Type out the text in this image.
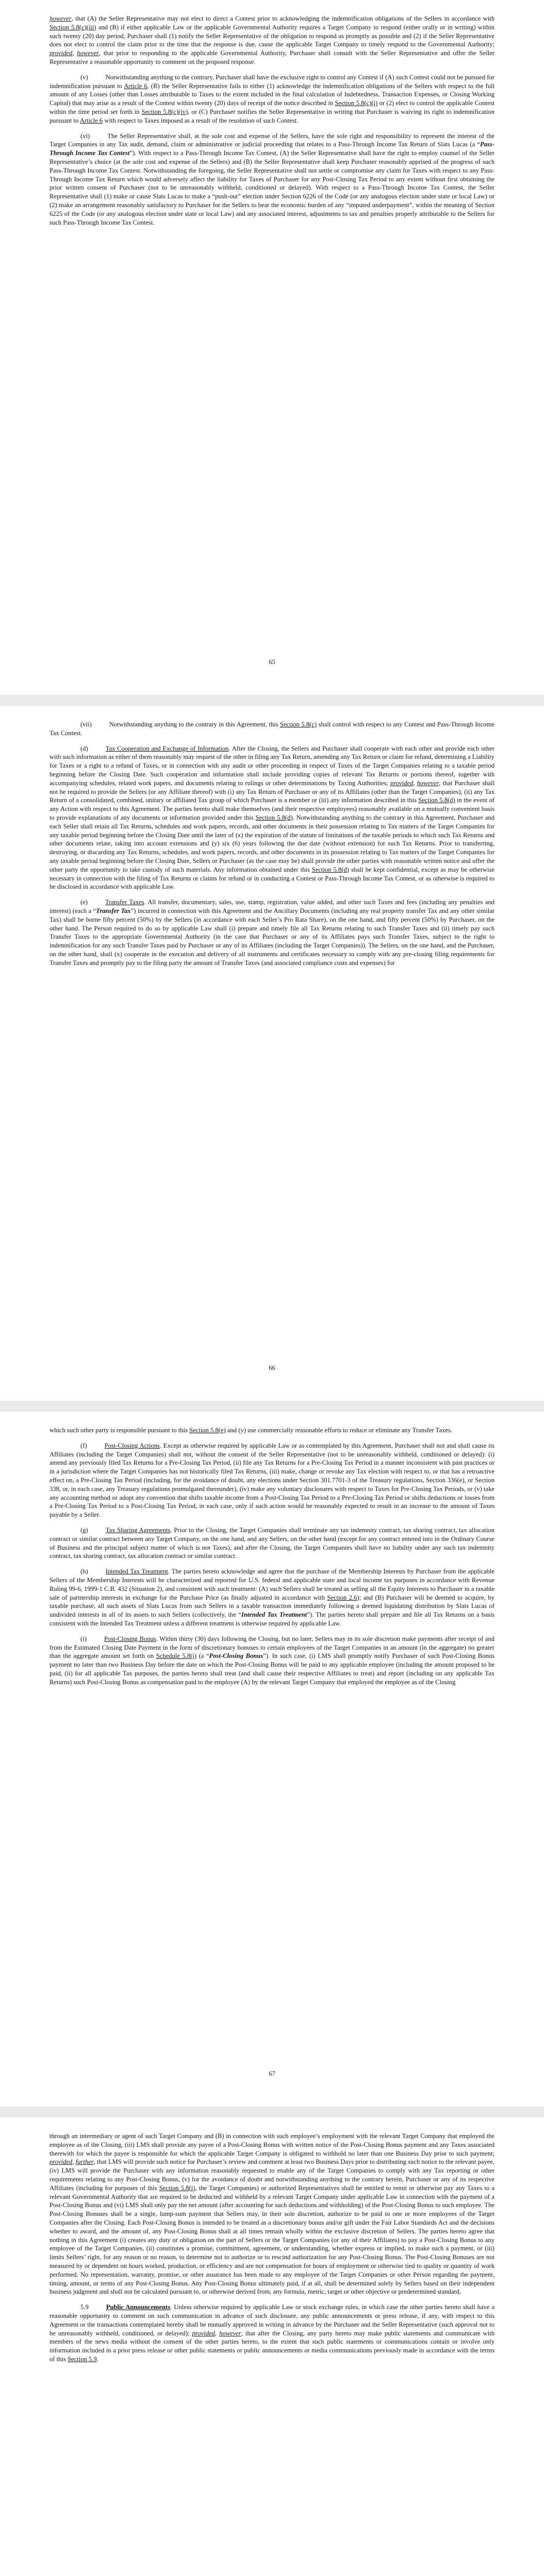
however, that (A) the Seller Representative may not elect to direct a Contest prior to acknowledging the indemnification obligations of the Sellers in accordance with Section 5.8(c)(iii) and (B) if either applicable Law or the applicable Governmental Authority requires a Target Company to respond (either orally or in writing) within such twenty (20) day period, Purchaser shall (1) notify the Seller Representative of the obligation to respond as promptly as possible and (2) if the Seller Representative does not elect to control the claim prior to the time that the response is due, cause the applicable Target Company to timely respond to the Governmental Authority; provided, however, that prior to responding to the applicable Governmental Authority, Purchaser shall consult with the Seller Representative and offer the Seller Representative a reasonable opportunity to comment on the proposed response.

(v)	Notwithstanding anything to the contrary, Purchaser shall have the exclusive right to control any Contest if (A) such Contest could not be pursued for indemnification pursuant to Article 6, (B) the Seller Representative fails to either (1) acknowledge the indemnification obligations of the Sellers with respect to the full amount of any Losses (other than Losses attributable to Taxes to the extent included in the final calculation of Indebtedness, Transaction Expenses, or Closing Working Capital) that may arise as a result of the Contest within twenty (20) days of receipt of the notice described in Section 5.8(c)(i) or (2) elect to control the applicable Contest within the time period set forth in Section 5.8(c)(iv), or (C) Purchaser notifies the Seller Representative in writing that Purchaser is waiving its right to indemnification pursuant to Article 6 with respect to Taxes imposed as a result of the resolution of such Contest.

(vi)	The Seller Representative shall, at the sole cost and expense of the Sellers, have the sole right and responsibility to represent the interest of the Target Companies in any Tax audit, demand, claim or administrative or judicial proceeding that relates to a Pass-Through Income Tax Return of Slats Lucas (a “Pass-Through Income Tax Contest”). With respect to a Pass-Through Income Tax Contest, (A) the Seller Representative shall have the right to employ counsel of the Seller Representative’s choice (at the sole cost and expense of the Sellers) and (B) the Seller Representative shall keep Purchaser reasonably apprised of the progress of such Pass-Through Income Tax Contest. Notwithstanding the foregoing, the Seller Representative shall not settle or compromise any claim for Taxes with respect to any Pass-Through Income Tax Return which would adversely affect the liability for Taxes of Purchaser for any Post-Closing Tax Period to any extent without first obtaining the prior written consent of Purchaser (not to be unreasonably withheld, conditioned or delayed). With respect to a Pass-Through Income Tax Contest, the Seller Representative shall (1) make or cause Slats Lucas to make a “push-out” election under Section 6226 of the Code (or any analogous election under state or local Law) or (2) make an arrangement reasonably satisfactory to Purchaser for the Sellers to bear the economic burden of any “imputed underpayment”, within the meaning of Section 6225 of the Code (or any analogous election under state or local Law) and any associated interest, adjustments to tax and penalties properly attributable to the Sellers for such Pass-Through Income Tax Contest.

65

(vii)	Notwithstanding anything to the contrary in this Agreement, this Section 5.8(c) shall control with respect to any Contest and Pass-Through Income Tax Contest.

(d)	Tax Cooperation and Exchange of Information. After the Closing, the Sellers and Purchaser shall cooperate with each other and provide each other with such information as either of them reasonably may request of the other in filing any Tax Return, amending any Tax Return or claim for refund, determining a Liability for Taxes or a right to a refund of Taxes, or in connection with any audit or other proceeding in respect of Taxes of the Target Companies relating to a taxable period beginning before the Closing Date. Such cooperation and information shall include providing copies of relevant Tax Returns or portions thereof, together with accompanying schedules, related work papers, and documents relating to rulings or other determinations by Taxing Authorities; provided, however, that Purchaser shall not be required to provide the Sellers (or any Affiliate thereof) with (i) any Tax Return of Purchaser or any of its Affiliates (other than the Target Companies), (ii) any Tax Return of a consolidated, combined, unitary or affiliated Tax group of which Purchaser is a member or (iii) any information described in this Section 5.8(d) in the event of any Action with respect to this Agreement. The parties hereto shall make themselves (and their respective employees) reasonably available on a mutually convenient basis to provide explanations of any documents or information provided under this Section 5.8(d). Notwithstanding anything to the contrary in this Agreement, Purchaser and each Seller shall retain all Tax Returns, schedules and work papers, records, and other documents in their possession relating to Tax matters of the Target Companies for any taxable period beginning before the Closing Date until the later of (x) the expiration of the statute of limitations of the taxable periods to which such Tax Returns and other documents relate, taking into account extensions and (y) six (6) years following the due date (without extension) for such Tax Returns. Prior to transferring, destroying, or discarding any Tax Returns, schedules, and work papers, records, and other documents in its possession relating to Tax matters of the Target Companies for any taxable period beginning before the Closing Date, Sellers or Purchaser (as the case may be) shall provide the other parties with reasonable written notice and offer the other party the opportunity to take custody of such materials. Any information obtained under this Section 5.8(d) shall be kept confidential, except as may be otherwise necessary in connection with the filing of Tax Returns or claims for refund or in conducting a Contest or Pass-Through Income Tax Contest, or as otherwise is required to be disclosed in accordance with applicable Law.

(e)	Transfer Taxes. All transfer, documentary, sales, use, stamp, registration, value added, and other such Taxes and fees (including any penalties and interest) (each a “Transfer Tax”) incurred in connection with this Agreement and the Ancillary Documents (including any real property transfer Tax and any other similar Tax) shall be borne fifty percent (50%) by the Sellers (in accordance with each Seller’s Pro Rata Share), on the one hand, and fifty percent (50%) by Purchaser, on the other hand. The Person required to do so by applicable Law shall (i) prepare and timely file all Tax Returns relating to such Transfer Taxes and (ii) timely pay such Transfer Taxes to the appropriate Governmental Authority (in the case that Purchaser or any of its Affiliates pays such Transfer Taxes, subject to the right to indemnification for any such Transfer Taxes paid by Purchaser or any of its Affiliates (including the Target Companies)). The Sellers, on the one hand, and the Purchaser, on the other hand, shall (x) cooperate in the execution and delivery of all instruments and certificates necessary to comply with any pre-closing filing requirements for Transfer Taxes and promptly pay to the filing party the amount of Transfer Taxes (and associated compliance costs and expenses) for

66

which such other party is responsible pursuant to this Section 5.8(e) and (y) use commercially reasonable efforts to reduce or eliminate any Transfer Taxes.

(f)	Post-Closing Actions. Except as otherwise required by applicable Law or as contemplated by this Agreement, Purchaser shall not and shall cause its Affiliates (including the Target Companies) shall not, without the consent of the Seller Representative (not to be unreasonably withheld, conditioned or delayed): (i) amend any previously filed Tax Returns for a Pre-Closing Tax Period, (ii) file any Tax Returns for a Pre-Closing Tax Period in a manner inconsistent with past practices or in a jurisdiction where the Target Companies has not historically filed Tax Returns, (iii) make, change or revoke any Tax election with respect to, or that has a retroactive effect on, a Pre-Closing Tax Period (including, for the avoidance of doubt, any elections under Section 301.7701-3 of the Treasury regulations, Section 336(e), or Section 338, or, in each case, any Treasury regulations promulgated thereunder), (iv) make any voluntary disclosures with respect to Taxes for Pre-Closing Tax Periods, or (v) take any accounting method or adopt any convention that shifts taxable income from a Post-Closing Tax Period to a Pre-Closing Tax Period or shifts deductions or losses from a Pre-Closing Tax Period to a Post-Closing Tax Period, in each case, only if such action would be reasonably expected to result in an increase to the amount of Taxes payable by a Seller.

(g)	Tax Sharing Agreements. Prior to the Closing, the Target Companies shall terminate any tax indemnity contract, tax sharing contract, tax allocation contract or similar contract between any Target Company, on the one hand, and any Sellers, on the other hand (except for any contract entered into in the Ordinary Course of Business and the principal subject matter of which is not Taxes), and after the Closing, the Target Companies shall have no liability under any such tax indemnity contract, tax sharing contract, tax allocation contract or similar contract.

(h)	Intended Tax Treatment. The parties hereto acknowledge and agree that the purchase of the Membership Interests by Purchaser from the applicable Sellers of the Membership Interests will be characterized and reported for U.S. federal and applicable state and local income tax purposes in accordance with Revenue Ruling 99-6, 1999-1 C.B. 432 (Situation 2), and consistent with such treatment: (A) such Sellers shall be treated as selling all the Equity Interests to Purchaser in a taxable sale of partnership interests in exchange for the Purchase Price (as finally adjusted in accordance with Section 2.6); and (B) Purchaser will be deemed to acquire, by taxable purchase, all such assets of Slats Lucas from such Sellers in a taxable transaction immediately following a deemed liquidating distribution by Slats Lucas of undivided interests in all of its assets to such Sellers (collectively, the “Intended Tax Treatment”). The parties hereto shall prepare and file all Tax Returns on a basis consistent with the Intended Tax Treatment unless a different treatment is otherwise required by applicable Law.

(i)	Post-Closing Bonus. Within thirty (30) days following the Closing, but no later, Sellers may in its sole discretion make payments after receipt of and from the Estimated Closing Date Payment in the form of discretionary bonuses to certain employees of the Target Companies in an amount (in the aggregate) no greater than the aggregate amount set forth on Schedule 5.8(i) (a “Post-Closing Bonus”). In such case, (i) LMS shall promptly notify Purchaser of such Post-Closing Bonus payment no later than two Business Day before the date on which the Post-Closing Bonus will be paid to any applicable employee (including the amount proposed to be paid, (ii) for all applicable Tax purposes, the parties hereto shall treat (and shall cause their respective Affiliates to treat) and report (including on any applicable Tax Returns) such Post-Closing Bonus as compensation paid to the employee (A) by the relevant Target Company that employed the employee as of the Closing

67

through an intermediary or agent of such Target Company and (B) in connection with such employee’s employment with the relevant Target Company that employed the employee as of the Closing, (iii) LMS shall provide any payee of a Post-Closing Bonus with written notice of the Post-Closing Bonus payment and any Taxes associated therewith for which the payee is responsible for which the applicable Target Company is obligated to withhold no later than one Business Day prior to such payment; provided, further, that LMS will provide such notice for Purchaser’s review and comment at least two Business Days prior to distributing such notice to the relevant payee, (iv) LMS will provide the Purchaser with any information reasonably requested to enable any of the Target Companies to comply with any Tax reporting or other requirements relating to any Post-Closing Bonus, (v) for the avoidance of doubt and notwithstanding anything to the contrary herein, Purchaser or any of its respective Affiliates (including for purposes of this Section 5.8(i), the Target Companies) or authorized Representatives shall be entitled to remit or otherwise pay any Taxes to a relevant Governmental Authority that are required to be deducted and withheld by a relevant Target Company under applicable Law in connection with the payment of a Post-Closing Bonus and (vi) LMS shall only pay the net amount (after accounting for such deductions and withholding) of the Post-Closing Bonus to such employee. The Post-Closing Bonuses shall be a single, lump-sum payment that Sellers may, in their sole discretion, authorize to be paid to one or more employees of the Target Companies after the Closing. Each Post-Closing Bonus is intended to be treated as a discretionary bonus and/or gift under the Fair Labor Standards Act and the decisions whether to award, and the amount of, any Post-Closing Bonus shall at all times remain wholly within the exclusive discretion of Sellers. The parties hereto agree that nothing in this Agreement (i) creates any duty or obligation on the part of Sellers or the Target Companies (or any of their Affiliates) to pay a Post-Closing Bonus to any employee of the Target Companies, (ii) constitutes a promise, commitment, agreement, or understanding, whether express or implied, to make such a payment, or (iii) limits Sellers’ right, for any reason or no reason, to determine not to authorize or to rescind authorization for any Post-Closing Bonus. The Post-Closing Bonuses are not measured by or dependent on hours worked, production, or efficiency and are not compensation for hours of employment or otherwise tied to quality or quantity of work performed. No representation, warranty, promise, or other assurance has been made to any employee of the Target Companies or other Person regarding the payment, timing, amount, or terms of any Post-Closing Bonus. Any Post-Closing Bonus ultimately paid, if at all, shall be determined solely by Sellers based on their independent business judgment and shall not be calculated pursuant to, or otherwise derived from, any formula, metric, target or other objective or predetermined standard.

5.9	Public Announcements. Unless otherwise required by applicable Law or stock exchange rules, in which case the other parties hereto shall have a reasonable opportunity to comment on such communication in advance of such disclosure, any public announcements or press release, if any, with respect to this Agreement or the transactions contemplated hereby shall be mutually approved in writing in advance by the Purchaser and the Seller Representative (such approval not to be unreasonably withheld, conditioned, or delayed); provided, however, that after the Closing, any party hereto may make public statements and communicate with members of the news media without the consent of the other parties hereto, to the extent that such public statements or communications contain or involve only information included in a prior press release or other public statements or public announcements or media communications previously made in accordance with the terms of this Section 5.9.
